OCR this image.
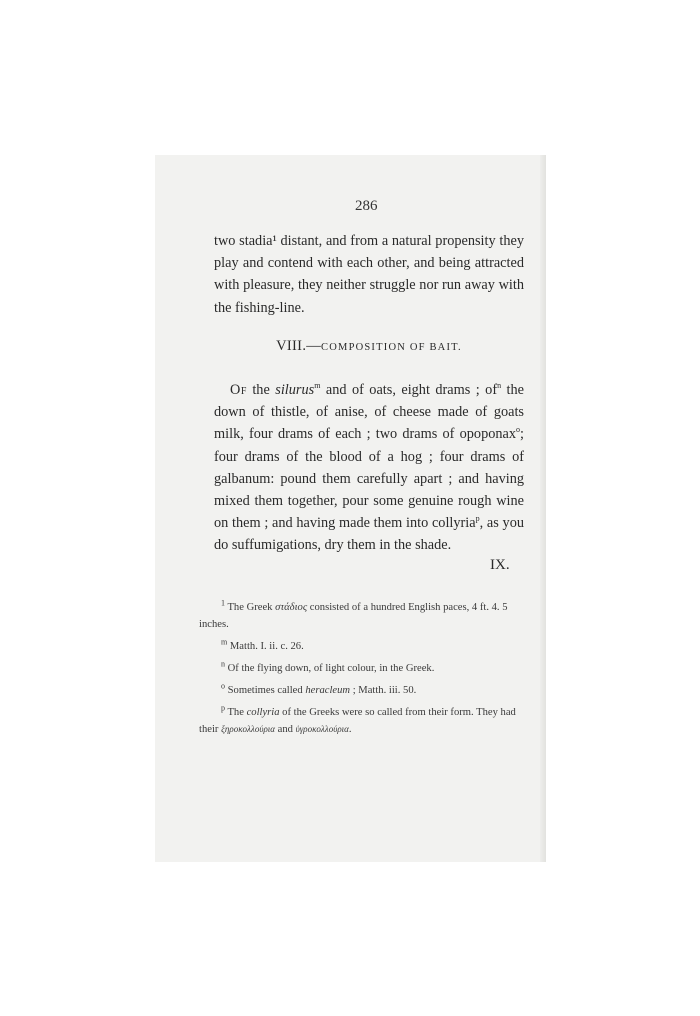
286
two stadia¹ distant, and from a natural propensity they play and contend with each other, and being attracted with pleasure, they neither struggle nor run away with the fishing-line.
VIII.—COMPOSITION OF BAIT.
Of the silurus$^m$ and of oats, eight drams ; $of^n$ the down of thistle, of anise, of cheese made of goats milk, four drams of each ; two drams of opoponax$^o$; four drams of the blood of a hog ; four drams of galbanum: pound them carefully apart ; and having mixed them together, pour some genuine rough wine on them ; and having made them into collyria$^p$, as you do suffumigations, dry them in the shade.
IX.

$^1$ The Greek στάδιος consisted of a hundred English paces, 4 ft. 4. 5 inches.

$^m$ Matth. I. ii. c. 26.

$^n$ Of the flying down, of light colour, in the Greek.

$^o$ Sometimes called heracleum ; Matth. iii. 50.

$^p$ The collyria of the Greeks were so called from their form. They had their ξηροκολλούρια and ὑγροκολλούρια.
